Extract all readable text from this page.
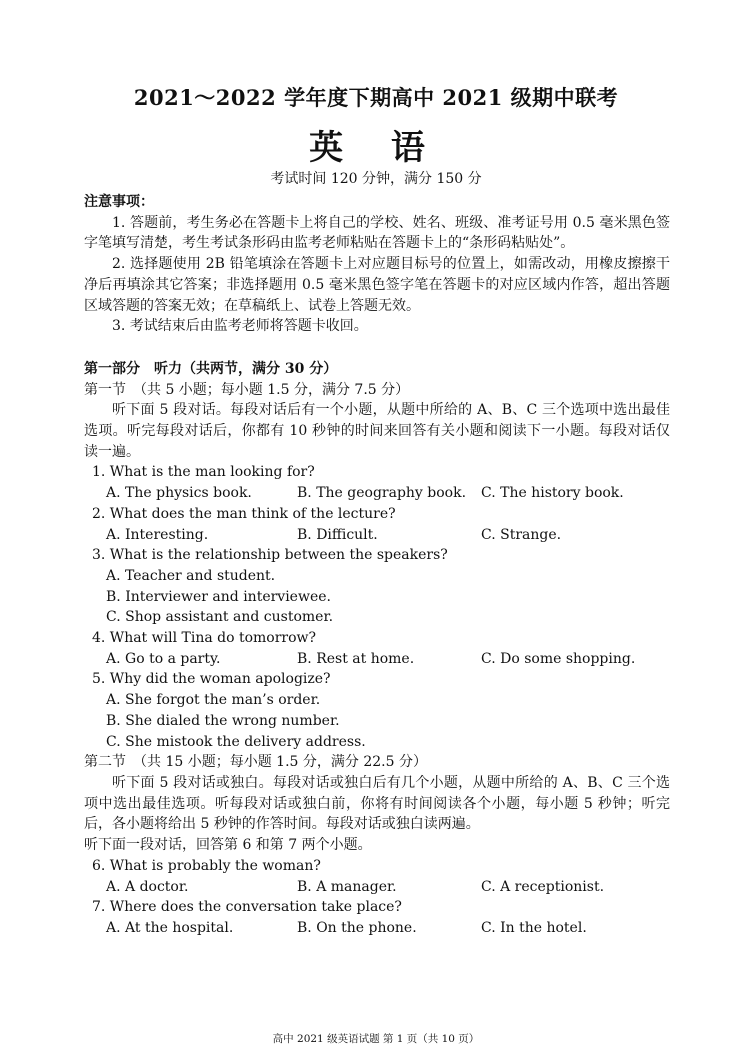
2021～2022 学年度下期高中 2021 级期中联考
英 语
考试时间 120 分钟，满分 150 分

注意事项：

1. 答题前，考生务必在答题卡上将自己的学校、姓名、班级、准考证号用 0.5 毫米黑色签字笔填写清楚，考生考试条形码由监考老师粘贴在答题卡上的“条形码粘贴处”。

2. 选择题使用 2B 铅笔填涂在答题卡上对应题目标号的位置上，如需改动，用橡皮擦擦干净后再填涂其它答案；非选择题用 0.5 毫米黑色签字笔在答题卡的对应区域内作答，超出答题区域答题的答案无效；在草稿纸上、试卷上答题无效。

3. 考试结束后由监考老师将答题卡收回。

第一部分　听力（共两节，满分 30 分）

第一节　（共 5 小题；每小题 1.5 分，满分 7.5 分）

听下面 5 段对话。每段对话后有一个小题，从题中所给的 A、B、C 三个选项中选出最佳选项。听完每段对话后，你都有 10 秒钟的时间来回答有关小题和阅读下一小题。每段对话仅读一遍。

1. What is the man looking for?

A. The physics book.	B. The geography book.	C. The history book.

2. What does the man think of the lecture?

A. Interesting.	B. Difficult.	C. Strange.

3. What is the relationship between the speakers?

A. Teacher and student.

B. Interviewer and interviewee.

C. Shop assistant and customer.

4. What will Tina do tomorrow?

A. Go to a party.	B. Rest at home.	C. Do some shopping.

5. Why did the woman apologize?

A. She forgot the man’s order.

B. She dialed the wrong number.

C. She mistook the delivery address.

第二节　（共 15 小题；每小题 1.5 分，满分 22.5 分）

听下面 5 段对话或独白。每段对话或独白后有几个小题，从题中所给的 A、B、C 三个选项中选出最佳选项。听每段对话或独白前，你将有时间阅读各个小题，每小题 5 秒钟；听完后，各小题将给出 5 秒钟的作答时间。每段对话或独白读两遍。

听下面一段对话，回答第 6 和第 7 两个小题。

6. What is probably the woman?

A. A doctor.	B. A manager.	C. A receptionist.

7. Where does the conversation take place?

A. At the hospital.	B. On the phone.	C. In the hotel.
高中 2021 级英语试题 第 1 页（共 10 页）
